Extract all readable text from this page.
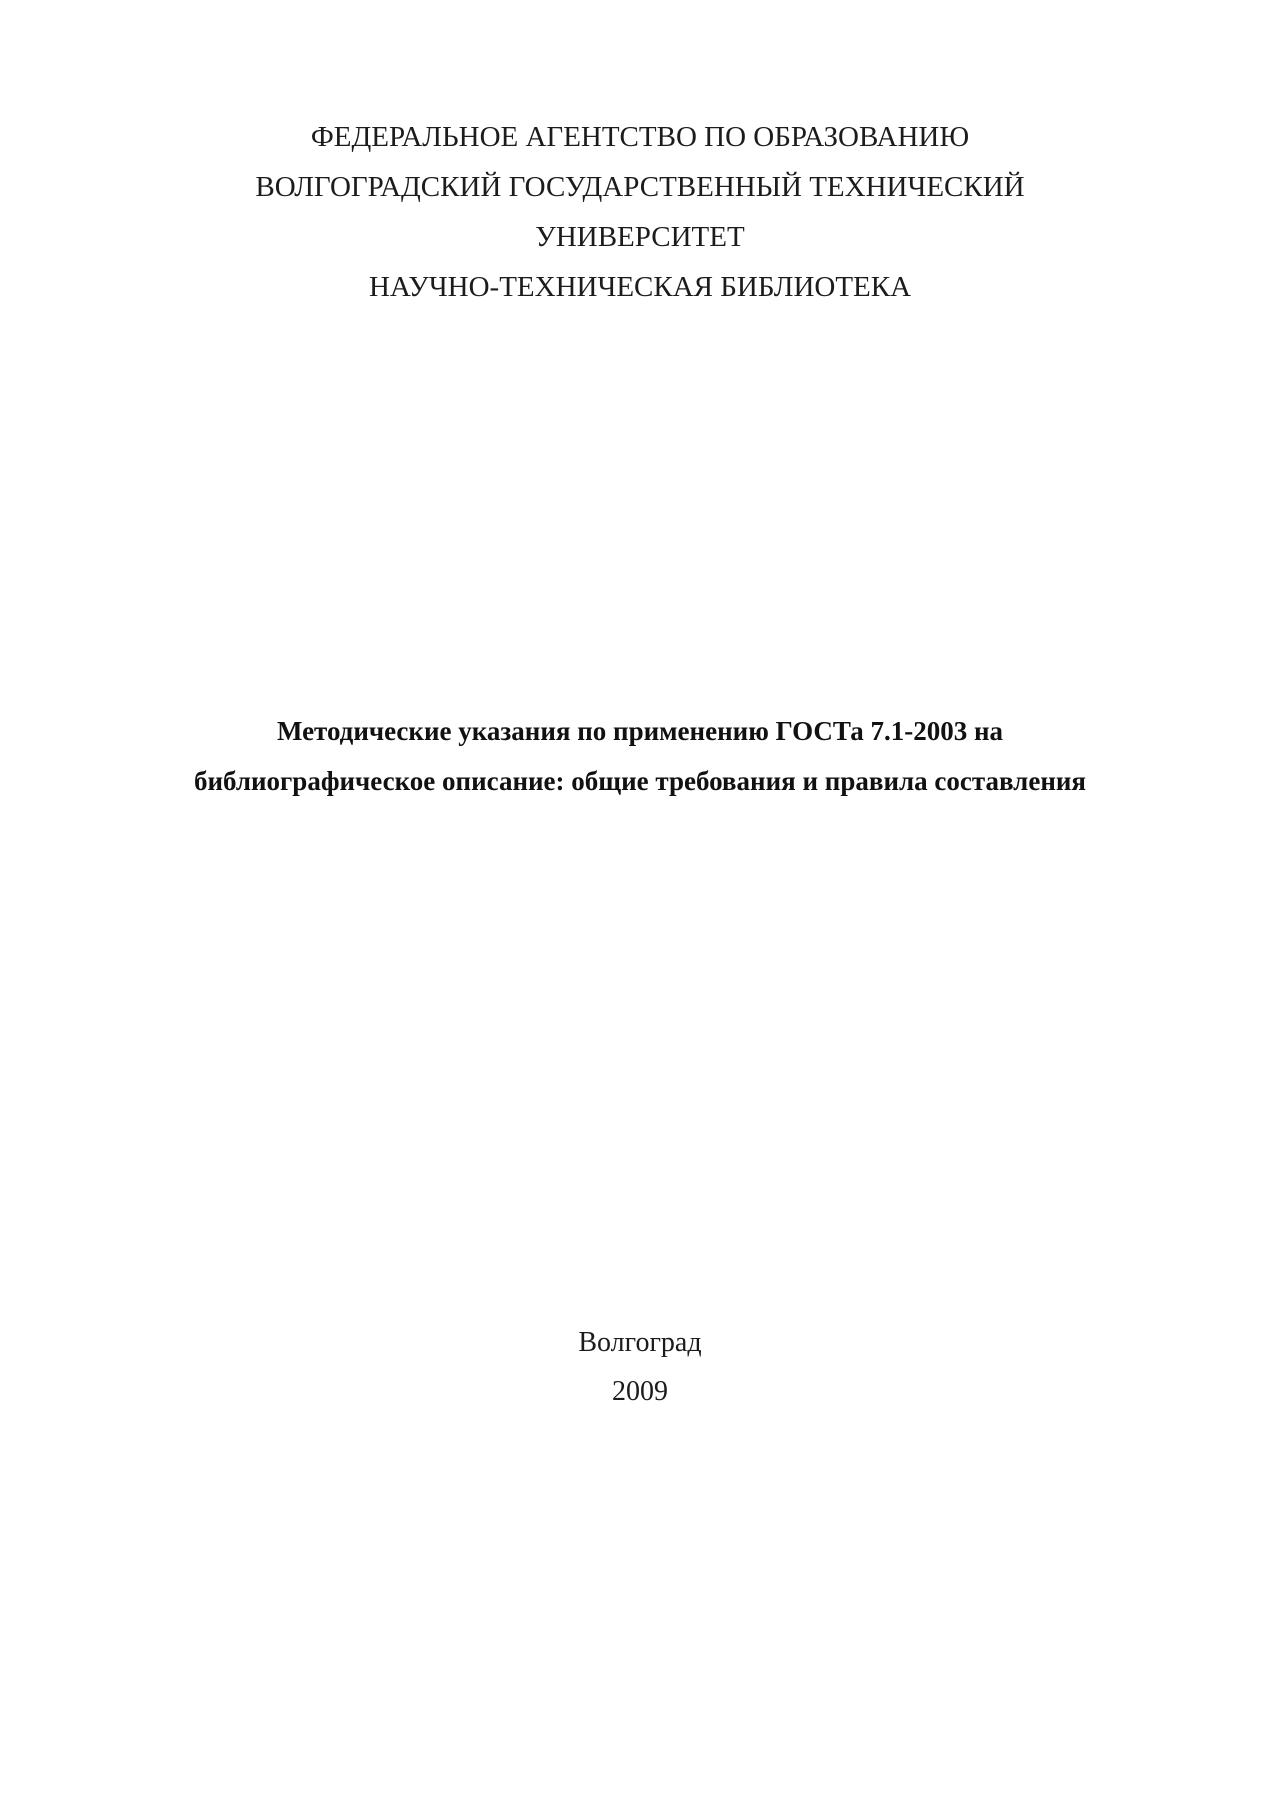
ФЕДЕРАЛЬНОЕ АГЕНТСТВО ПО ОБРАЗОВАНИЮ
ВОЛГОГРАДСКИЙ ГОСУДАРСТВЕННЫЙ ТЕХНИЧЕСКИЙ
УНИВЕРСИТЕТ
НАУЧНО-ТЕХНИЧЕСКАЯ БИБЛИОТЕКА
Методические указания по применению ГОСТа 7.1-2003 на
библиографическое описание: общие требования и правила составления
Волгоград
2009
